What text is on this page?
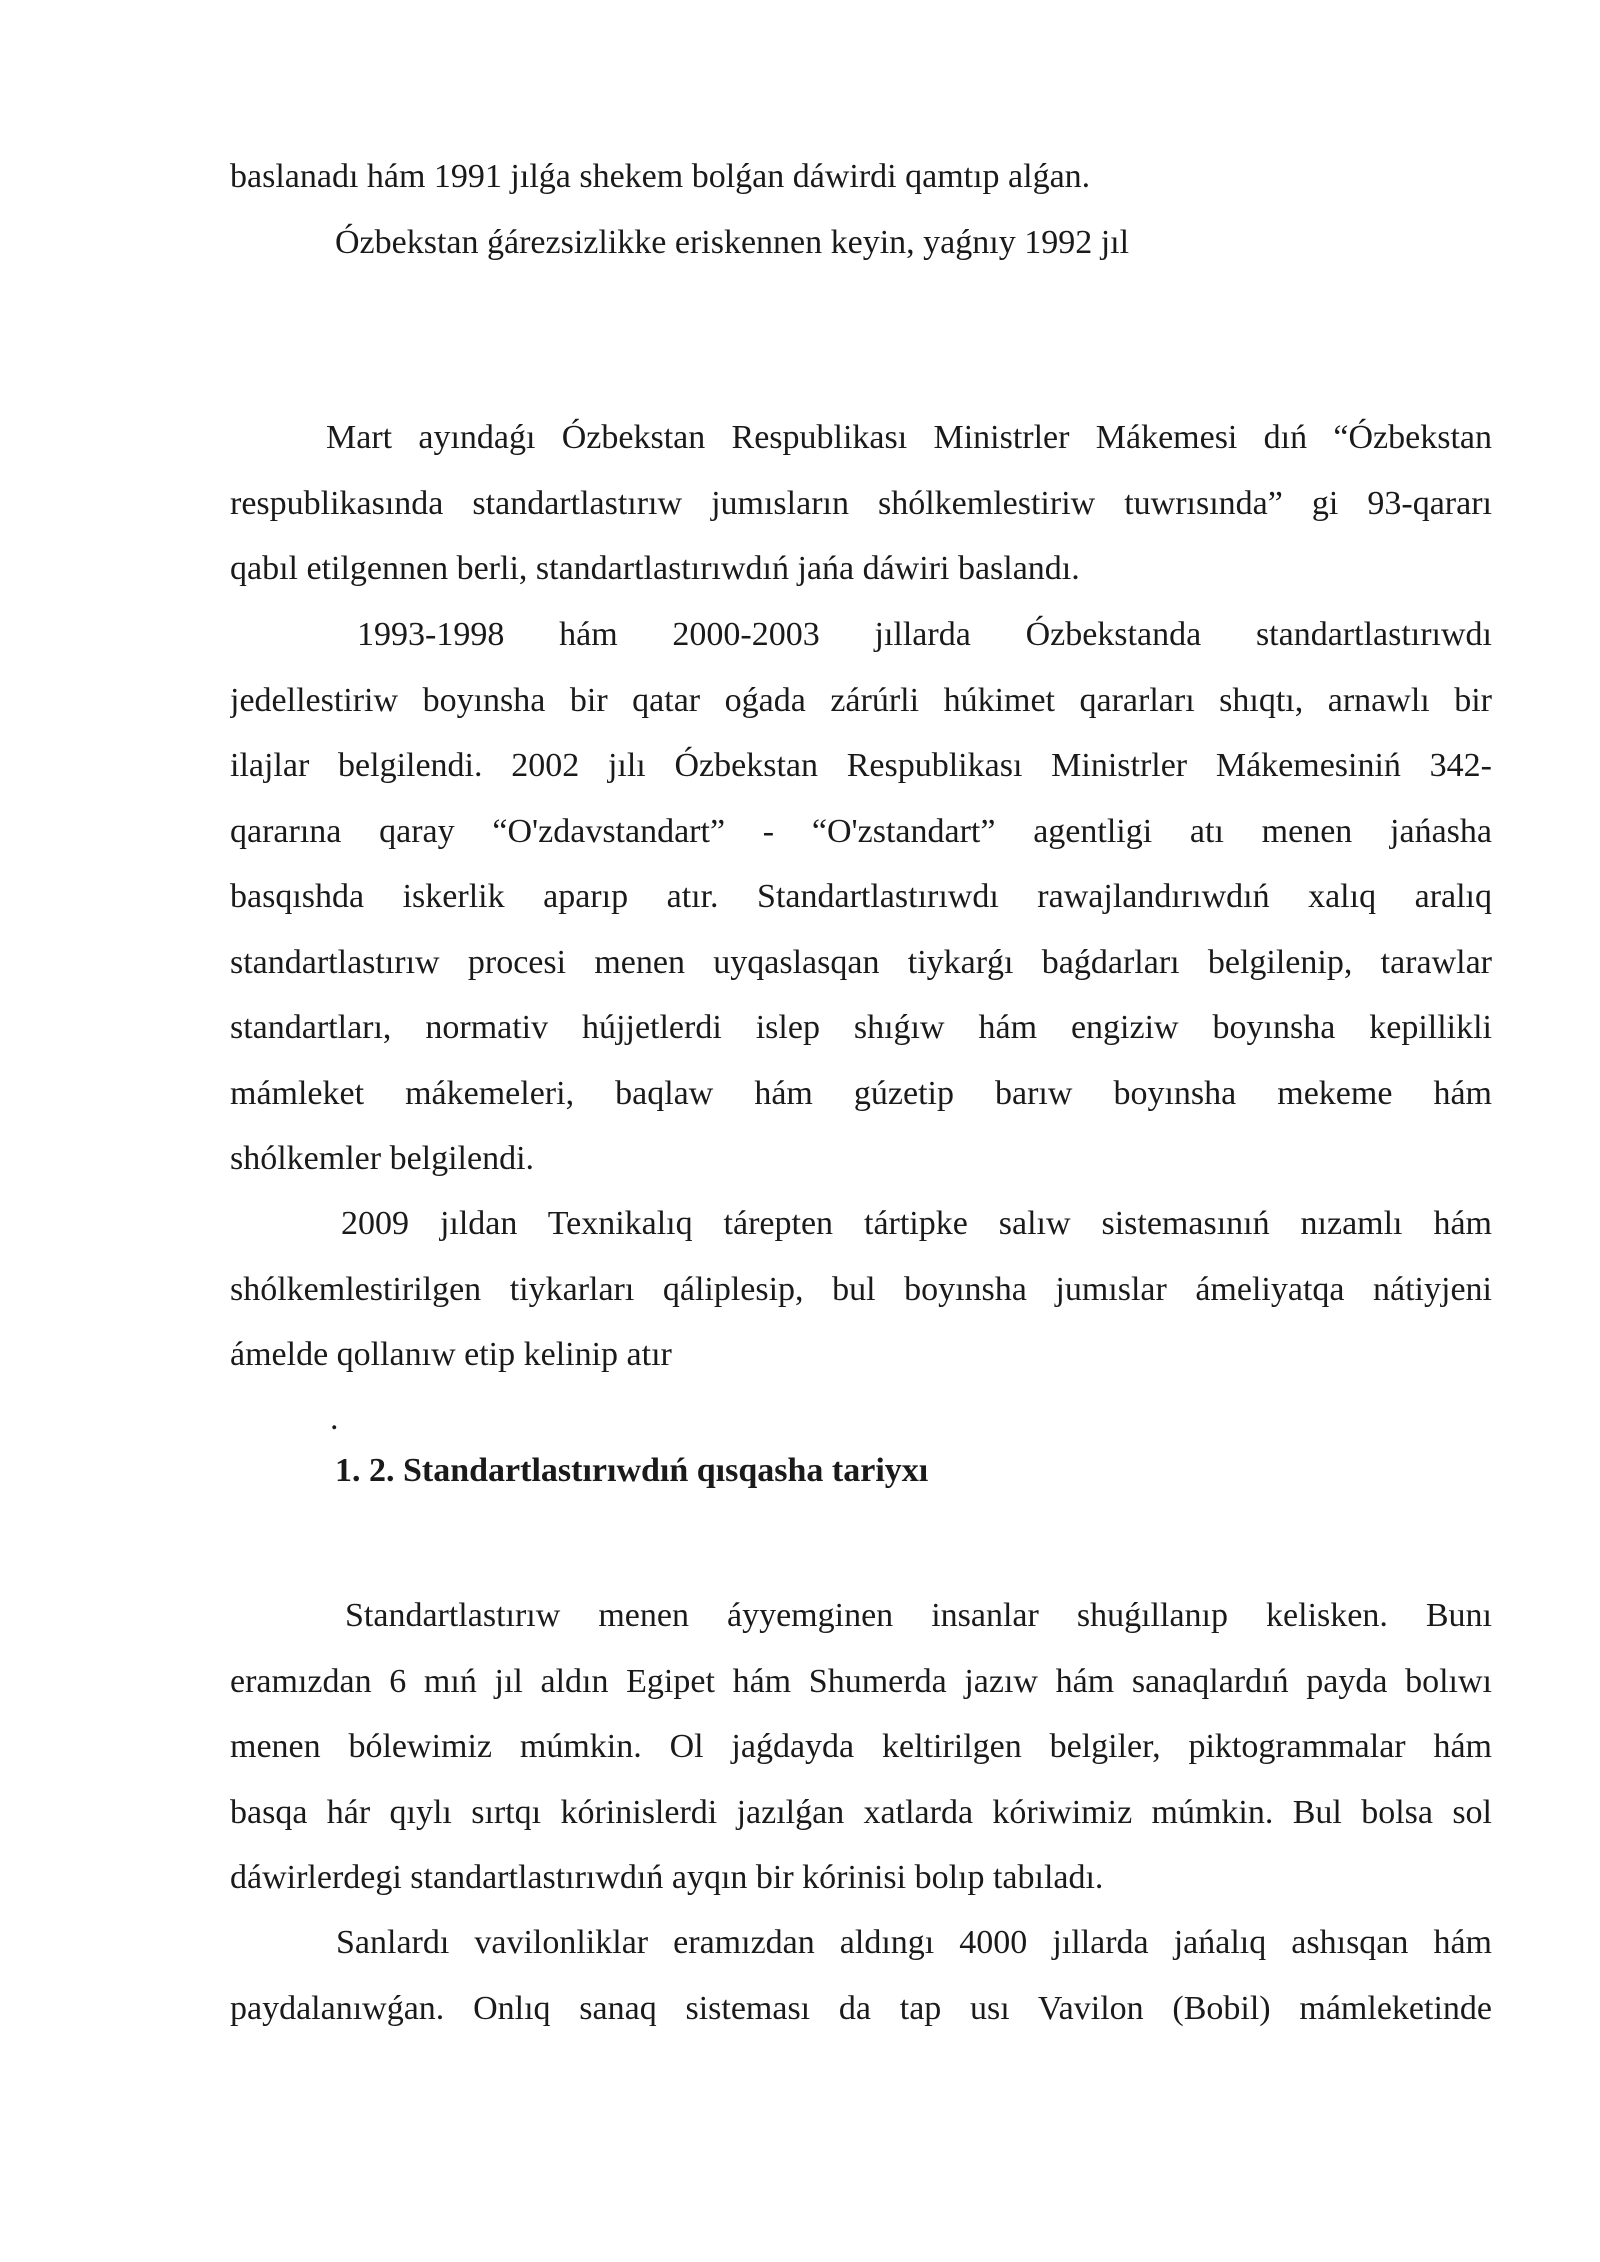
baslanadı hám 1991 jılǵa shekem bolǵan dáwirdi qamtıp alǵan.
Ózbekstan ǵárezsizlikke eriskennen keyin, yaǵnıy 1992 jıl
Mart ayındaǵı Ózbekstan Respublikası Ministrler Mákemesi dıń “Ózbekstan
respublikasında standartlastırıw jumısların shólkemlestiriw tuwrısında” gi 93-qararı
qabıl etilgennen berli, standartlastırıwdıń jańa dáwiri baslandı.
1993-1998 hám 2000-2003 jıllarda Ózbekstanda standartlastırıwdı
jedellestiriw boyınsha bir qatar oǵada zárúrli húkimet qararları shıqtı, arnawlı bir
ilajlar belgilendi. 2002 jılı Ózbekstan Respublikası Ministrler Mákemesiniń 342-
qararına qaray “O'zdavstandart” - “O'zstandart” agentligi atı menen jańasha
basqıshda iskerlik aparıp atır. Standartlastırıwdı rawajlandırıwdıń xalıq aralıq
standartlastırıw procesi menen uyqaslasqan tiykarǵı baǵdarları belgilenip, tarawlar
standartları, normativ hújjetlerdi islep shıǵıw hám engiziw boyınsha kepillikli
mámleket mákemeleri, baqlaw hám gúzetip barıw boyınsha mekeme hám
shólkemler belgilendi.
2009 jıldan Texnikalıq tárepten tártipke salıw sistemasınıń nızamlı hám
shólkemlestirilgen tiykarları qáliplesip, bul boyınsha jumıslar ámeliyatqa nátiyjeni
ámelde qollanıw etip kelinip atır
.
1. 2. Standartlastırıwdıń qısqasha tariyxı
Standartlastırıw menen áyyemginen insanlar shuǵıllanıp kelisken. Bunı
eramızdan 6 mıń jıl aldın Egipet hám Shumerda jazıw hám sanaqlardıń payda bolıwı
menen bólewimiz múmkin. Ol jaǵdayda keltirilgen belgiler, piktogrammalar hám
basqa hár qıylı sırtqı kórinislerdi jazılǵan xatlarda kóriwimiz múmkin. Bul bolsa sol
dáwirlerdegi standartlastırıwdıń ayqın bir kórinisi bolıp tabıladı.
Sanlardı vavilonliklar eramızdan aldıngı 4000 jıllarda jańalıq ashısqan hám
paydalanıwǵan. Onlıq sanaq sisteması da tap usı Vavilon (Bobil) mámleketinde
